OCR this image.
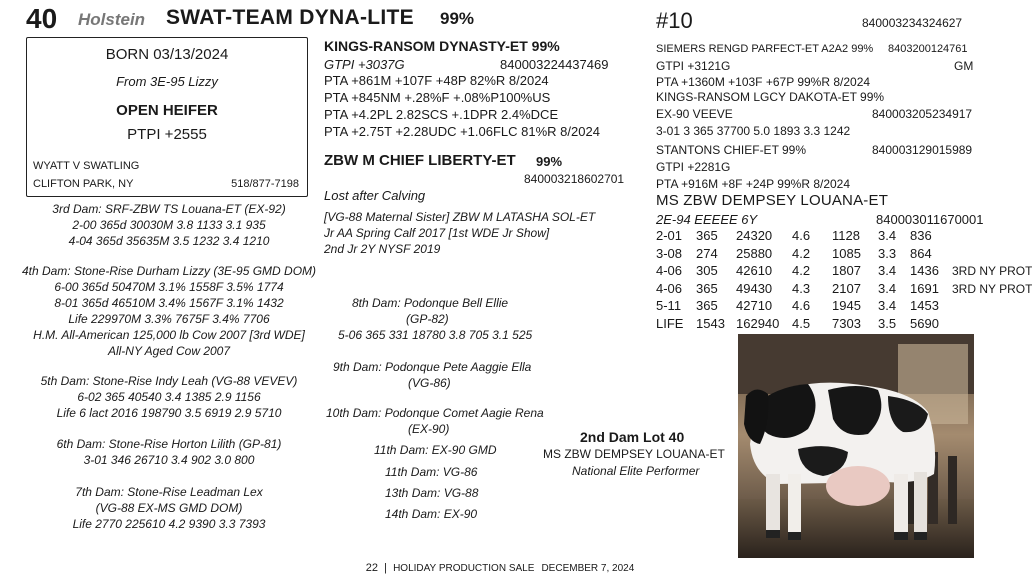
40 Holstein SWAT-TEAM DYNA-LITE 99%
BORN 03/13/2024
From 3E-95 Lizzy
OPEN HEIFER
PTPI +2555
WYATT V SWATLING
CLIFTON PARK, NY	518/877-7198
KINGS-RANSOM DYNASTY-ET 99%
GTPI +3037G	840003224437469
PTA +861M +107F +48P 82%R 8/2024
PTA +845NM +.28%F +.08%P100%US
PTA +4.2PL 2.82SCS +.1DPR 2.4%DCE
PTA +2.75T +2.28UDC +1.06FLC 81%R 8/2024
ZBW M CHIEF LIBERTY-ET 99%
840003218602701
Lost after Calving
[VG-88 Maternal Sister] ZBW M LATASHA SOL-ET
Jr AA Spring Calf 2017 [1st WDE Jr Show]
2nd Jr 2Y NYSF 2019
3rd Dam: SRF-ZBW TS Louana-ET (EX-92)
2-00 365d 30030M 3.8 1133 3.1 935
4-04 365d 35635M 3.5 1232 3.4 1210
4th Dam: Stone-Rise Durham Lizzy (3E-95 GMD DOM)
6-00 365d 50470M 3.1% 1558F 3.5% 1774
8-01 365d 46510M 3.4% 1567F 3.1% 1432
Life 229970M 3.3% 7675F 3.4% 7706
H.M. All-American 125,000 lb Cow 2007 [3rd WDE]
All-NY Aged Cow 2007
5th Dam: Stone-Rise Indy Leah (VG-88 VEVEV)
6-02 365 40540 3.4 1385 2.9 1156
Life 6 lact 2016 198790 3.5 6919 2.9 5710
6th Dam: Stone-Rise Horton Lilith (GP-81)
3-01 346 26710 3.4 902 3.0 800
7th Dam: Stone-Rise Leadman Lex
(VG-88 EX-MS GMD DOM)
Life 2770 225610 4.2 9390 3.3 7393
8th Dam: Podonque Bell Ellie
(GP-82)
5-06 365 331 18780 3.8 705 3.1 525
9th Dam: Podonque Pete Aaggie Ella
(VG-86)
10th Dam: Podonque Comet Aagie Rena
(EX-90)
11th Dam: EX-90 GMD
11th Dam: VG-86
13th Dam: VG-88
14th Dam: EX-90
2nd Dam Lot 40
MS ZBW DEMPSEY LOUANA-ET
National Elite Performer
#10	840003234324627
SIEMERS RENGD PARFECT-ET A2A2 99% 8403200124761
GTPI +3121G	GM
PTA +1360M +103F +67P 99%R 8/2024
KINGS-RANSOM LGCY DAKOTA-ET 99%
EX-90 VEEVE	840003205234917
3-01 3 365 37700 5.0 1893 3.3 1242
STANTONS CHIEF-ET 99%	840003129015989
GTPI +2281G
PTA +916M +8F +24P 99%R 8/2024
MS ZBW DEMPSEY LOUANA-ET
2E-94 EEEEE 6Y	840003011670001
2-01 365 24320 4.6 1128 3.4 836
3-08 274 25880 4.2 1085 3.3 864
4-06 305 42610 4.2 1807 3.4 1436 3RD NY PROT
4-06 365 49430 4.3 2107 3.4 1691 3RD NY PROT
5-11 365 42710 4.6 1945 3.4 1453
LIFE 1543 162940 4.5 7303 3.5 5690
22  |  HOLIDAY PRODUCTION SALE DECEMBER 7, 2024
